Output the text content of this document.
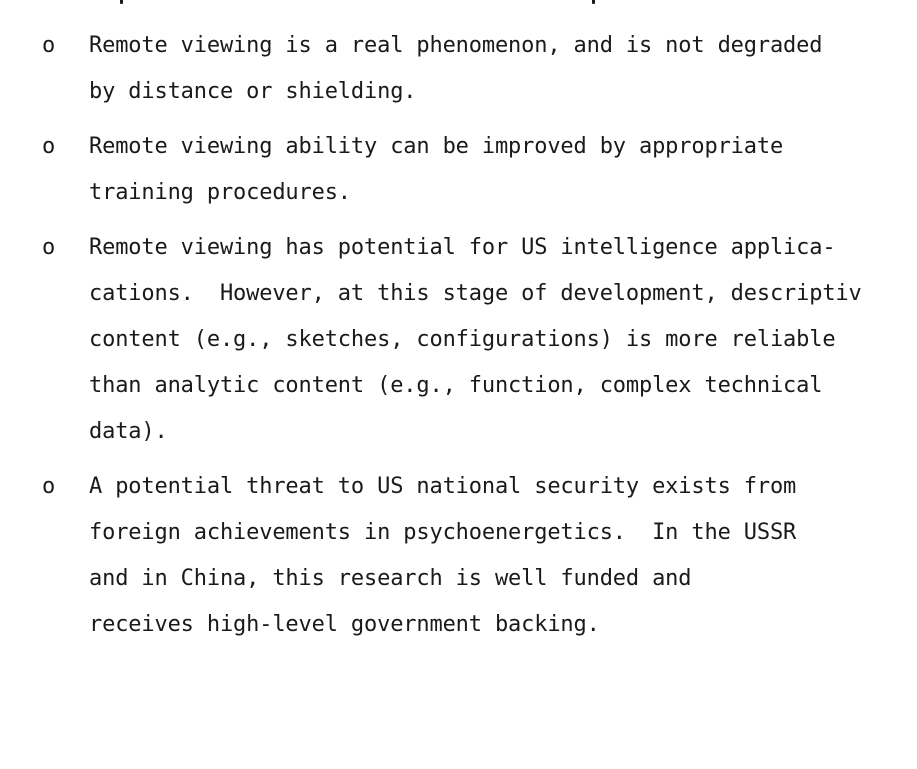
o Remote viewing is a real phenomenon, and is not degraded
by distance or shielding.
o Remote viewing ability can be improved by appropriate
training procedures.
o Remote viewing has potential for US intelligence applica-
cations.  However, at this stage of development, descriptiv
content (e.g., sketches, configurations) is more reliable
than analytic content (e.g., function, complex technical
data).
o A potential threat to US national security exists from
foreign achievements in psychoenergetics.  In the USSR
and in China, this research is well funded and
receives high-level government backing.
